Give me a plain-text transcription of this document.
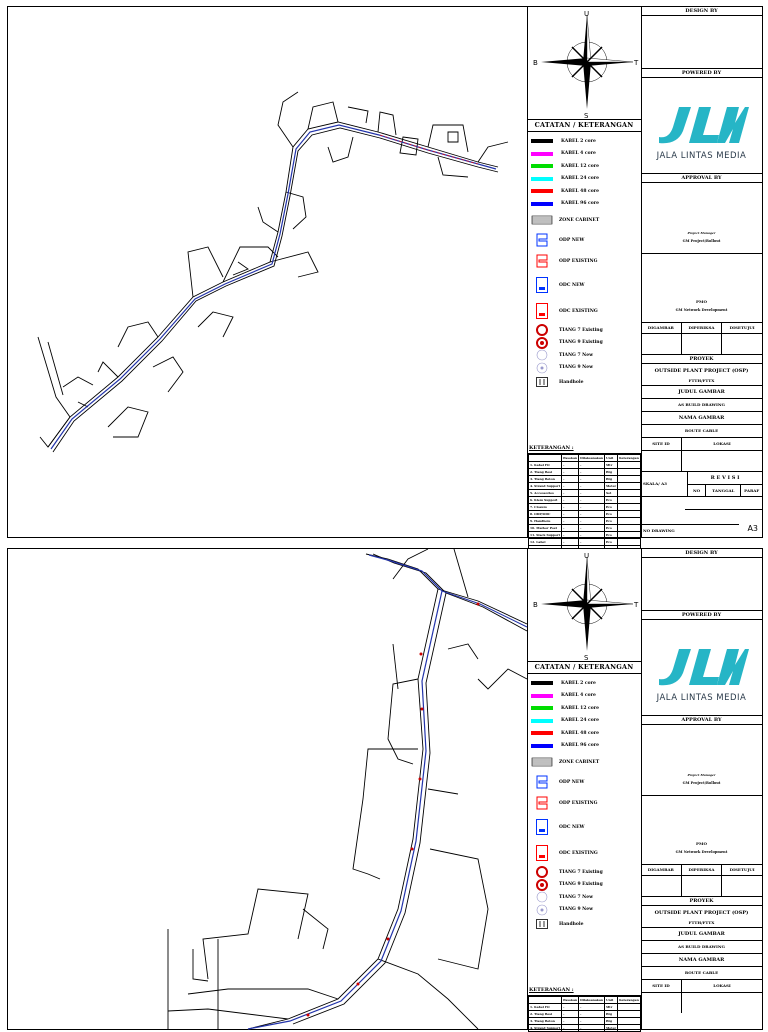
U
S
B	T
CATATAN / KETERANGAN
KABEL 2 core
KABEL 4 core
KABEL 12 core
KABEL 24 core
KABEL 48 core
KABEL 96 core
ZONE CABINET
ODP NEW
ODP EXISTING
ODC NEW
ODC EXISTING
TIANG 7 Existing
TIANG 9 Existing
TIANG 7 New
TIANG 9 New
Handhole
KETERANGAN :
	Pasokan	Dilaksanakan	Unit	Keterangan
1. Kabel FO	-	-	Mtr	
2. Tiang Besi	-	-	Btg	
3. Tiang Beton	-	-	Btg	
4. Strand Support	-	-	Meter	
5. Accessories	-	-	Set	
6. Klem Support	-	-	Pcs	
7. Closure	-	-	Pcs	
8. ODP/ODC	-	-	Pcs	
9. Handhole	-	-	Pcs	
10. Marker Post	-	-	Pcs	
11. Slack Support	-	-	Pcs	
12. Label	-	-	Pcs	

DESIGN BY
POWERED BY
JALA LINTAS MEDIA
APPROVAL BY
Project Manager
GM Project/Rollout
PMO
GM Network Development
DIGAMBAR	DIPERIKSA	DISETUJUI
PROYEK
OUTSIDE PLANT PROJECT (OSP)
FTTH/FTTX
JUDUL GAMBAR
AS BUILD DRAWING
NAMA GAMBAR
ROUTE CABLE
SITE ID	LOKASI
SKALA/ A3
R E V I S I
NO	TANGGAL	PARAF
NO DRAWING	A3
U
S
B	T
CATATAN / KETERANGAN
KABEL 2 core
KABEL 4 core
KABEL 12 core
KABEL 24 core
KABEL 48 core
KABEL 96 core
ZONE CABINET
ODP NEW
ODP EXISTING
ODC NEW
ODC EXISTING
TIANG 7 Existing
TIANG 9 Existing
TIANG 7 New
TIANG 9 New
Handhole
KETERANGAN :
	Pasokan	Dilaksanakan	Unit	Keterangan
1. Kabel FO	-	-	Mtr	
2. Tiang Besi	-	-	Btg	
3. Tiang Beton	-	-	Btg	
4. Strand Support	-	-	Meter	
DESIGN BY
POWERED BY
JALA LINTAS MEDIA
APPROVAL BY
Project Manager
GM Project/Rollout
PMO
GM Network Development
DIGAMBAR	DIPERIKSA	DISETUJUI
PROYEK
OUTSIDE PLANT PROJECT (OSP)
FTTH/FTTX
JUDUL GAMBAR
AS BUILD DRAWING
NAMA GAMBAR
ROUTE CABLE
SITE ID	LOKASI
